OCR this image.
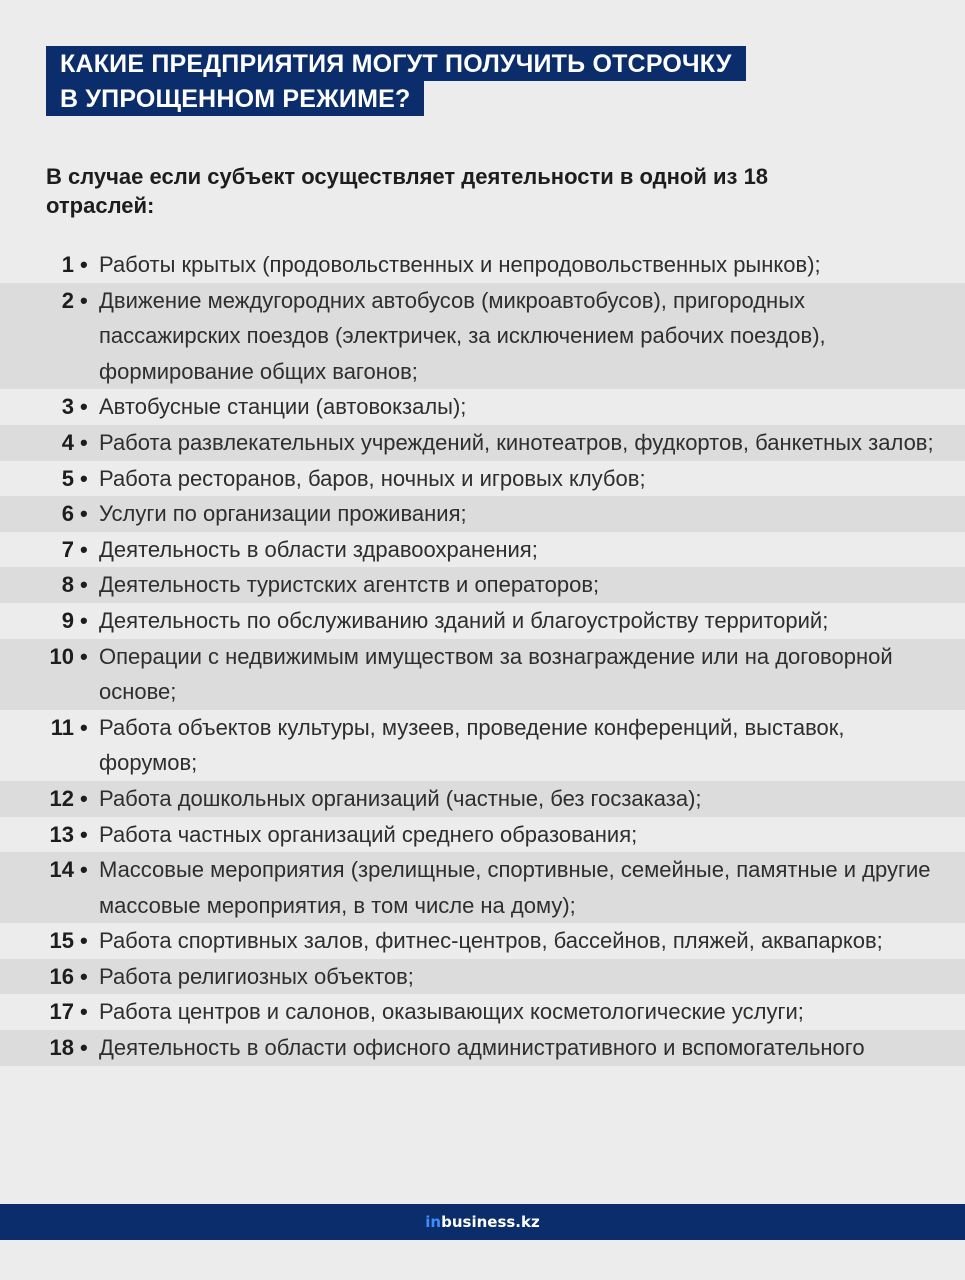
КАКИЕ ПРЕДПРИЯТИЯ МОГУТ ПОЛУЧИТЬ ОТСРОЧКУ
В УПРОЩЕННОМ РЕЖИМЕ?
В случае если субъект осуществляет деятельности в одной из 18 отраслей:
1 • Работы крытых (продовольственных и непродовольственных рынков);
2 • Движение междугородних автобусов (микроавтобусов), пригородных пассажирских поездов (электричек, за исключением рабочих поездов), формирование общих вагонов;
3 • Автобусные станции (автовокзалы);
4 • Работа развлекательных учреждений, кинотеатров, фудкортов, банкетных залов;
5 • Работа ресторанов, баров, ночных и игровых клубов;
6 • Услуги по организации проживания;
7 • Деятельность в области здравоохранения;
8 • Деятельность туристских агентств и операторов;
9 • Деятельность по обслуживанию зданий и благоустройству территорий;
10 • Операции с недвижимым имуществом за вознаграждение или на договорной основе;
11 • Работа объектов культуры, музеев, проведение конференций, выставок, форумов;
12 • Работа дошкольных организаций (частные, без госзаказа);
13 • Работа частных организаций среднего образования;
14 • Массовые мероприятия (зрелищные, спортивные, семейные, памятные и другие массовые мероприятия, в том числе на дому);
15 • Работа спортивных залов, фитнес-центров, бассейнов, пляжей, аквапарков;
16 • Работа религиозных объектов;
17 • Работа центров и салонов, оказывающих косметологические услуги;
18 • Деятельность в области офисного административного и вспомогательного
inbusiness.kz
